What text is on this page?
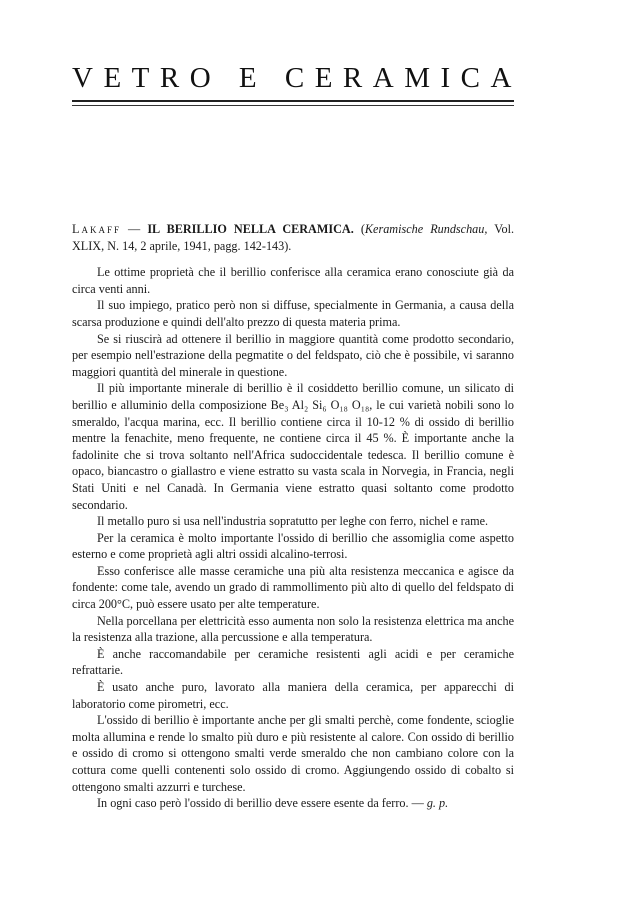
VETRO E CERAMICA

Lakaff — IL BERILLIO NELLA CERAMICA. (Keramische Rundschau, Vol. XLIX, N. 14, 2 aprile, 1941, pagg. 142-143).

Le ottime proprietà che il berillio conferisce alla ceramica erano conosciute già da circa venti anni.

Il suo impiego, pratico però non si diffuse, specialmente in Germania, a causa della scarsa produzione e quindi dell'alto prezzo di questa materia prima.

Se si riuscirà ad ottenere il berillio in maggiore quantità come prodotto secondario, per esempio nell'estrazione della pegmatite o del feldspato, ciò che è possibile, vi saranno maggiori quantità del minerale in questione.

Il più importante minerale di berillio è il cosiddetto berillio comune, un silicato di berillio e alluminio della composizione Be₃ Al₂ Si₆ O₁₈ O₁₈, le cui varietà nobili sono lo smeraldo, l'acqua marina, ecc. Il berillio contiene circa il 10-12 % di ossido di berillio mentre la fenachite, meno frequente, ne contiene circa il 45 %. È importante anche la fadolinite che si trova soltanto nell'Africa sudoccidentale tedesca. Il berillio comune è opaco, biancastro o giallastro e viene estratto su vasta scala in Norvegia, in Francia, negli Stati Uniti e nel Canadà. In Germania viene estratto quasi soltanto come prodotto secondario.

Il metallo puro si usa nell'industria sopratutto per leghe con ferro, nichel e rame.

Per la ceramica è molto importante l'ossido di berillio che assomiglia come aspetto esterno e come proprietà agli altri ossidi alcalino-terrosi.

Esso conferisce alle masse ceramiche una più alta resistenza meccanica e agisce da fondente: come tale, avendo un grado di rammollimento più alto di quello del feldspato di circa 200°C, può essere usato per alte temperature.

Nella porcellana per elettricità esso aumenta non solo la resistenza elettrica ma anche la resistenza alla trazione, alla percussione e alla temperatura.

È anche raccomandabile per ceramiche resistenti agli acidi e per ceramiche refrattarie.

È usato anche puro, lavorato alla maniera della ceramica, per apparecchi di laboratorio come pirometri, ecc.

L'ossido di berillio è importante anche per gli smalti perchè, come fondente, scioglie molta allumina e rende lo smalto più duro e più resistente al calore. Con ossido di berillio e ossido di cromo si ottengono smalti verde smeraldo che non cambiano colore con la cottura come quelli contenenti solo ossido di cromo. Aggiungendo ossido di cobalto si ottengono smalti azzurri e turchese.

In ogni caso però l'ossido di berillio deve essere esente da ferro. — g. p.
